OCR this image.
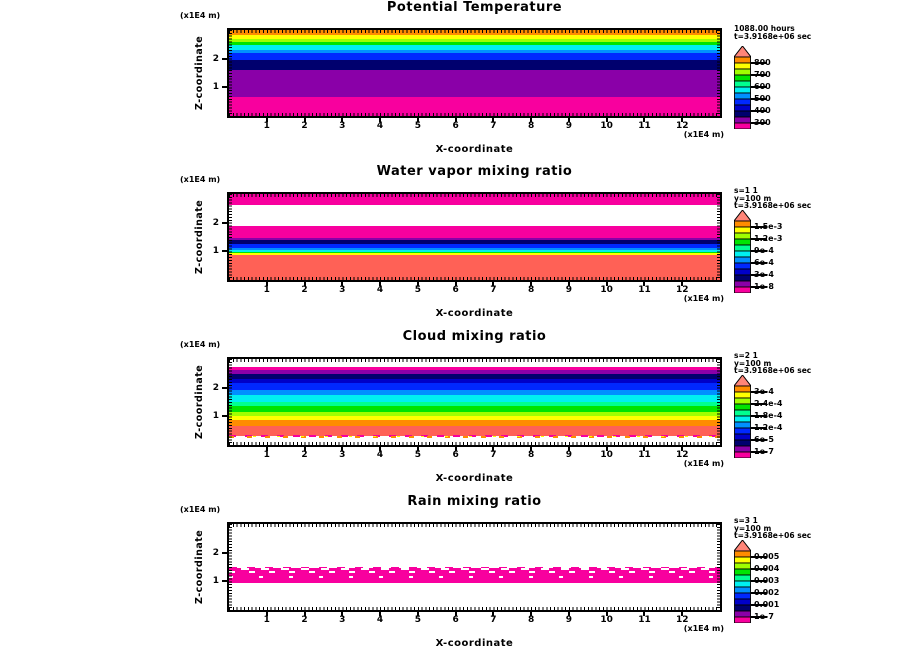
Potential Temperature
(x1E4 m)
Z-coordinate
1	2	3	4	5	6	7	8	9	10	11	12
1
2
(x1E4 m)
X-coordinate
1088.00 hours
t=3.9168e+06 sec
800
700
600
500
400
300
Water vapor mixing ratio
(x1E4 m)
Z-coordinate
1	2	3	4	5	6	7	8	9	10	11	12
1
2
(x1E4 m)
X-coordinate
s=1 1
y=100 m
t=3.9168e+06 sec
1.5e-3
1.2e-3
9e-4
6e-4
3e-4
1e-8
Cloud mixing ratio
(x1E4 m)
Z-coordinate
1	2	3	4	5	6	7	8	9	10	11	12
1
2
(x1E4 m)
X-coordinate
s=2 1
y=100 m
t=3.9168e+06 sec
3e-4
2.4e-4
1.8e-4
1.2e-4
6e-5
1e-7
Rain mixing ratio
(x1E4 m)
Z-coordinate
1	2	3	4	5	6	7	8	9	10	11	12
1
2
(x1E4 m)
X-coordinate
s=3 1
y=100 m
t=3.9168e+06 sec
0.005
0.004
0.003
0.002
0.001
1e-7
